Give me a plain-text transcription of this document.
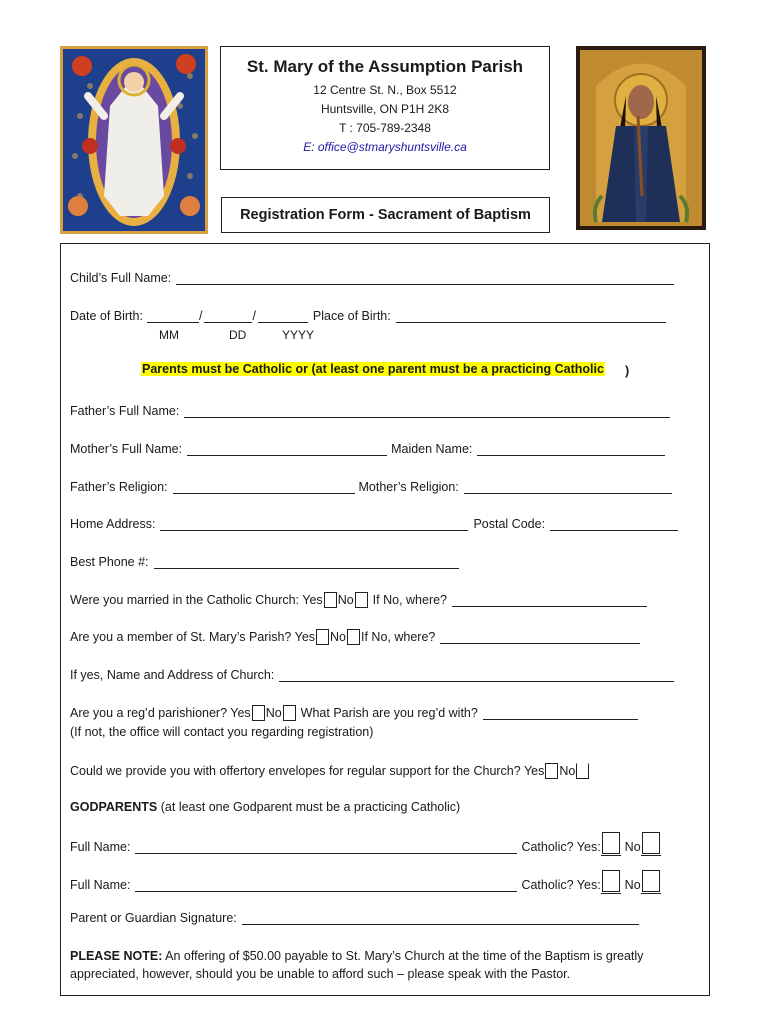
St. Mary of the Assumption Parish
12 Centre St. N., Box 5512
Huntsville, ON P1H 2K8
T : 705-789-2348
E: office@stmaryshuntsville.ca
Registration Form - Sacrament of Baptism
Child’s Full Name:
Date of Birth:	/	/	Place of Birth:
MM	DD	YYYY
Parents must be Catholic or (at least one parent must be a practicing Catholic )
Father’s Full Name:
Mother’s Full Name:	Maiden Name:
Father’s Religion:	Mother’s Religion:
Home Address:	Postal Code:
Best Phone #:
Were you married in the Catholic Church: Yes No If No, where?
Are you a member of St. Mary’s Parish? Yes No If No, where?
If yes, Name and Address of Church:
Are you a reg’d parishioner? Yes No What Parish are you reg’d with?
(If not, the office will contact you regarding registration)
Could we provide you with offertory envelopes for regular support for the Church? Yes No
GODPARENTS (at least one Godparent must be a practicing Catholic)
Full Name:	Catholic? Yes: No
Full Name:	Catholic? Yes: No
Parent or Guardian Signature:
PLEASE NOTE: An offering of $50.00 payable to St. Mary’s Church at the time of the Baptism is greatly appreciated, however, should you be unable to afford such – please speak with the Pastor.
